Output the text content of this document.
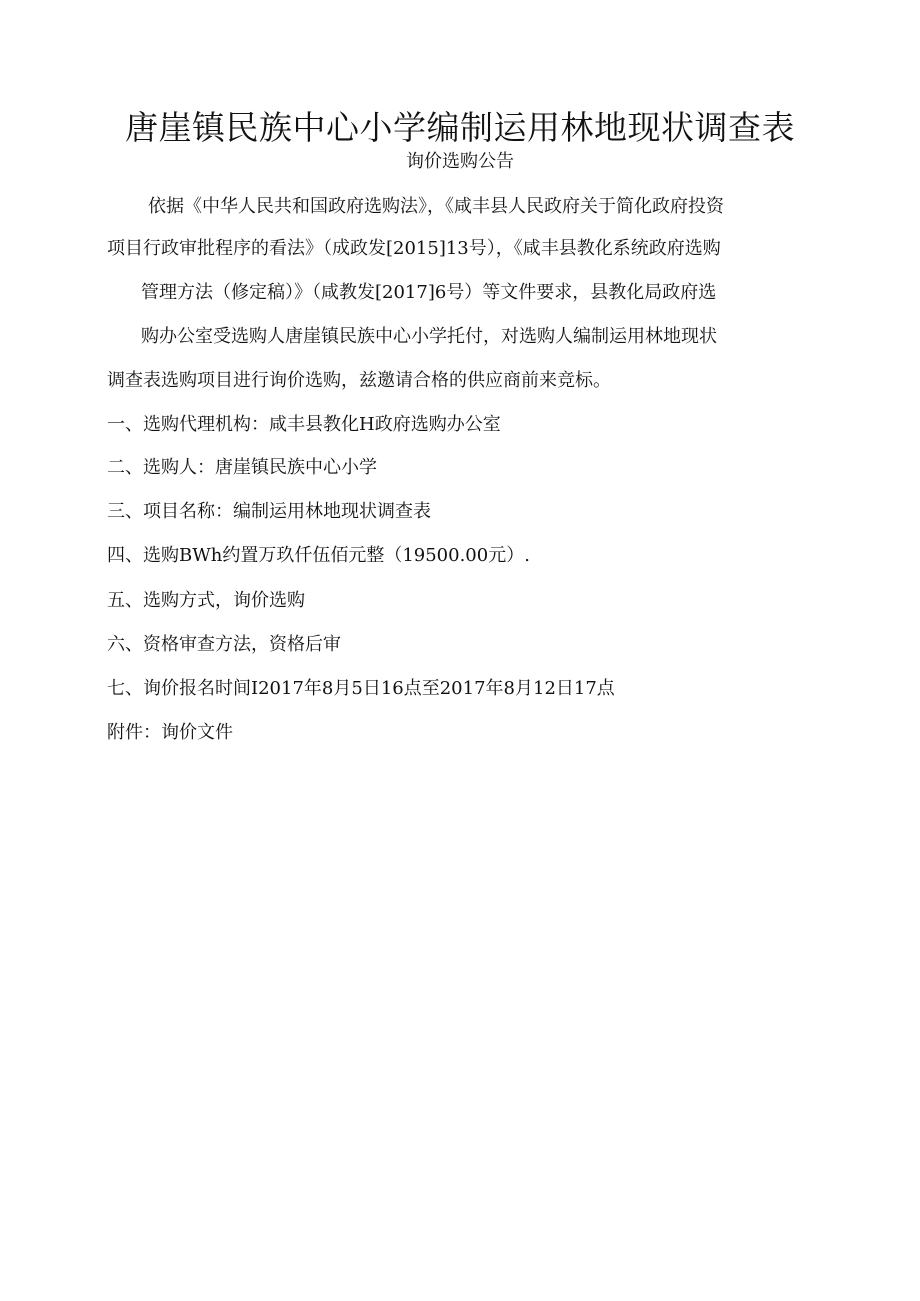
唐崖镇民族中心小学编制运用林地现状调查表
询价选购公告
依据《中华人民共和国政府选购法》，《咸丰县人民政府关于简化政府投资
项目行政审批程序的看法》（成政发[2015]13号），《咸丰县教化系统政府选购
管理方法（修定稿）》（咸教发[2017]6号）等文件要求，县教化局政府选
购办公室受选购人唐崖镇民族中心小学托付，对选购人编制运用林地现状
调查表选购项目进行询价选购，兹邀请合格的供应商前来竞标。
一、选购代理机构：咸丰县教化H政府选购办公室
二、选购人：唐崖镇民族中心小学
三、项目名称：编制运用林地现状调查表
四、选购BWh约置万玖仟伍佰元整（19500.00元）.
五、选购方式，询价选购
六、资格审查方法，资格后审
七、询价报名时间I2017年8月5日16点至2017年8月12日17点
附件：询价文件
